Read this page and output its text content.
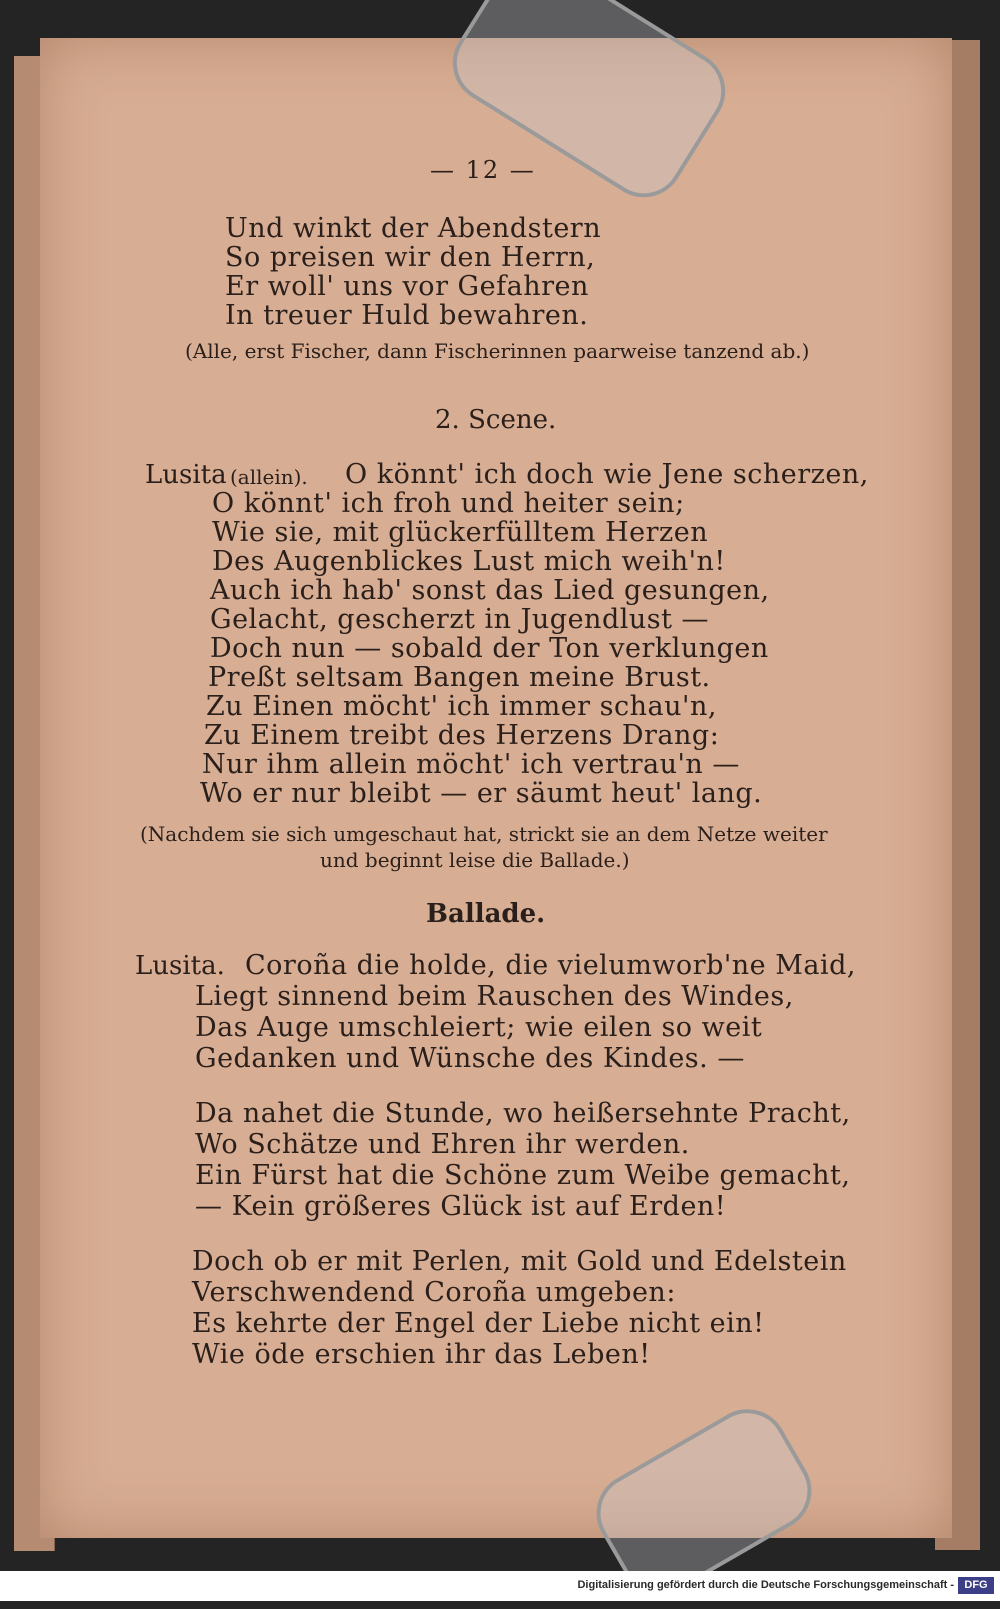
— 12 —
Und winkt der Abendstern
So preisen wir den Herrn,
Er woll' uns vor Gefahren
In treuer Huld bewahren.
(Alle, erst Fischer, dann Fischerinnen paarweise tanzend ab.)
2. Scene.
Lusita (allein). O könnt' ich doch wie Jene scherzen,
O könnt' ich froh und heiter sein;
Wie sie, mit glückerfülltem Herzen
Des Augenblickes Lust mich weih'n!
Auch ich hab' sonst das Lied gesungen,
Gelacht, gescherzt in Jugendlust —
Doch nun — sobald der Ton verklungen
Preßt seltsam Bangen meine Brust.
Zu Einen möcht' ich immer schau'n,
Zu Einem treibt des Herzens Drang:
Nur ihm allein möcht' ich vertrau'n —
Wo er nur bleibt — er säumt heut' lang.
(Nachdem sie sich umgeschaut hat, strickt sie an dem Netze weiter
und beginnt leise die Ballade.)
Ballade.
Lusita. Coroña die holde, die vielumworb'ne Maid,
Liegt sinnend beim Rauschen des Windes,
Das Auge umschleiert; wie eilen so weit
Gedanken und Wünsche des Kindes. —
Da nahet die Stunde, wo heißersehnte Pracht,
Wo Schätze und Ehren ihr werden.
Ein Fürst hat die Schöne zum Weibe gemacht,
— Kein größeres Glück ist auf Erden!
Doch ob er mit Perlen, mit Gold und Edelstein
Verschwendend Coroña umgeben:
Es kehrte der Engel der Liebe nicht ein!
Wie öde erschien ihr das Leben!
Digitalisierung gefördert durch die Deutsche Forschungsgemeinschaft - DFG
